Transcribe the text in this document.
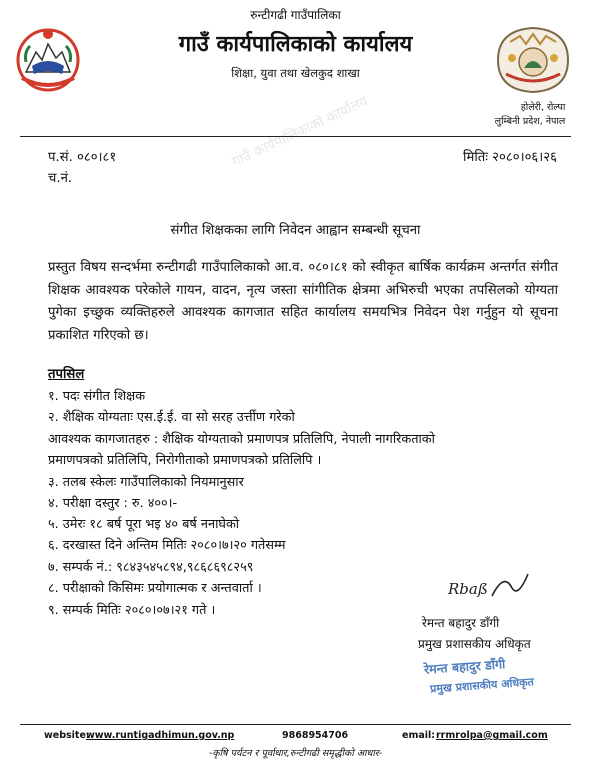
रुन्टीगढी गाउँपालिका
गाउँ कार्यपालिकाको कार्यालय
शिक्षा, युवा तथा खेलकुद शाखा
होलेरी, रोल्पा
लुम्बिनी प्रदेश, नेपाल
गाउँ कार्यपालिकाको कार्यालय
प.सं. ०८०।८१
च.नं.
मितिः २०८०।०६।२६
संगीत शिक्षकका लागि निवेदन आह्वान सम्बन्धी सूचना
प्रस्तुत विषय सन्दर्भमा रुन्टीगढी गाउँपालिकाको आ.व. ०८०।८१ को स्वीकृत बार्षिक कार्यक्रम अन्तर्गत संगीत शिक्षक आवश्यक परेकोले गायन, वादन, नृत्य जस्ता सांगीतिक क्षेत्रमा अभिरुची भएका तपसिलको योग्यता पुगेका इच्छुक व्यक्तिहरुले आवश्यक कागजात सहित कार्यालय समयभित्र निवेदन पेश गर्नुहुन यो सूचना प्रकाशित गरिएको छ।
तपसिल
१. पदः संगीत शिक्षक
२. शैक्षिक योग्यताः एस.ई.ई. वा सो सरह उर्त्तीण गरेको
आवश्यक कागजातहरु : शैक्षिक योग्यताको प्रमाणपत्र प्रतिलिपि, नेपाली नागरिकताको
प्रमाणपत्रको प्रतिलिपि, निरोगीताको प्रमाणपत्रको प्रतिलिपि ।
३. तलब स्केलः गाउँपालिकाको नियमानुसार
४. परीक्षा दस्तुर : रु. ४००।-
५. उमेरः १८ बर्ष पूरा भइ ४० बर्ष ननाघेको
६. दरखास्त दिने अन्तिम मितिः २०८०।७।२० गतेसम्म
७. सम्पर्क नं.: ९८४३५४५८९४,९८६८६९८२५९
८. परीक्षाको किसिमः प्रयोगात्मक र अन्तवार्ता ।
९. सम्पर्क मितिः २०८०।०७।२१ गते ।
Rbaß
रेमन्त बहादुर डाँगी
प्रमुख प्रशासकीय अधिकृत
रेमन्त बहादुर डाँगी
प्रमुख प्रशासकीय अधिकृत
website:
www.runtigadhimun.gov.np	9868954706	email: rrmrolpa@gmail.com
-कृषि पर्यटन र पूर्वाधार,रुन्टीगढी समृद्धीको आधार-
